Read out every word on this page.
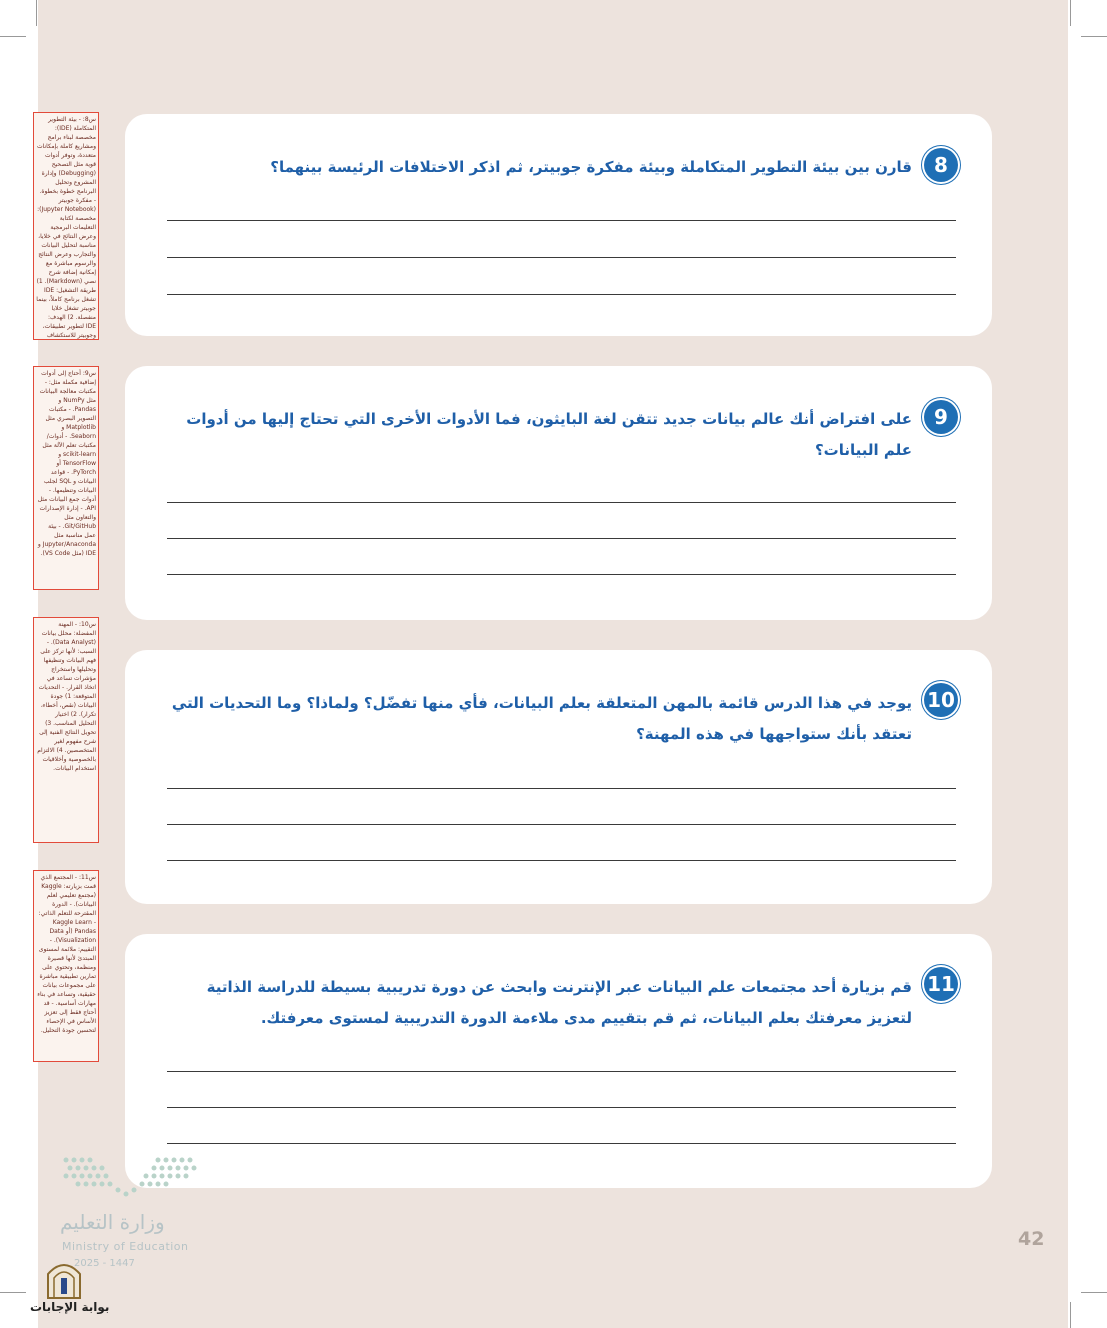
س8: - بيئة التطوير المتكاملة (IDE): مخصصة لبناء برامج ومشاريع كاملة بإمكانات متعددة، وتوفر أدوات قوية مثل التصحيح (Debugging) وإدارة المشروع وتحليل البرنامج خطوة بخطوة. - مفكرة جوبيتر (Jupyter Notebook): مخصصة لكتابة التعليمات البرمجية وعرض النتائج في خلايا، مناسبة لتحليل البيانات والتجارب وعرض النتائج والرسوم مباشرة مع إمكانية إضافة شرح نصي (Markdown). 1) طريقة التشغيل: IDE تشغل برنامج كاملاً، بينما جوبيتر تشغل خلايا منفصلة. 2) الهدف: IDE لتطوير تطبيقات، وجوبيتر للاستكشاف
س9: أحتاج إلى أدوات إضافية مكملة مثل: - مكتبات معالجة البيانات مثل NumPy و Pandas. - مكتبات التصوير البصري مثل Matplotlib و Seaborn. - أدوات/مكتبات تعلم الآلة مثل scikit-learn و TensorFlow أو PyTorch. - قواعد البيانات و SQL لجلب البيانات وتنظيمها. - أدوات جمع البيانات مثل API. - إدارة الإصدارات والتعاون مثل Git/GitHub. - بيئة عمل مناسبة مثل Jupyter/Anaconda و IDE (مثل VS Code).
س10: - المهنة المفضلة: محلل بيانات (Data Analyst). - السبب: لأنها تركز على فهم البيانات وتنظيفها وتحليلها واستخراج مؤشرات تساعد في اتخاذ القرار. - التحديات المتوقعة: 1) جودة البيانات (نقص، أخطاء، تكرار). 2) اختيار التحليل المناسب. 3) تحويل النتائج الفنية إلى شرح مفهوم لغير المتخصصين. 4) الالتزام بالخصوصية وأخلاقيات استخدام البيانات.
س11: - المجتمع الذي قمت بزيارته: Kaggle (مجتمع تعليمي لعلم البيانات). - الدورة المقترحة للتعلم الذاتي: Kaggle Learn - Pandas (أو Data Visualization). - التقييم: ملائمة لمستوى المبتدئ لأنها قصيرة ومنظمة، وتحتوي على تمارين تطبيقية مباشرة على مجموعات بيانات حقيقية، وتساعد في بناء مهارات أساسية. - قد أحتاج فقط إلى تعزيز الأساس في الإحصاء لتحسين جودة التحليل.
8
قارن بين بيئة التطوير المتكاملة وبيئة مفكرة جوبيتر، ثم اذكر الاختلافات الرئيسة بينهما؟
9
على افتراض أنك عالم بيانات جديد تتقن لغة البايثون، فما الأدوات الأخرى التي تحتاج إليها من أدوات علم البيانات؟
10
يوجد في هذا الدرس قائمة بالمهن المتعلقة بعلم البيانات، فأي منها تفضّل؟ ولماذا؟ وما التحديات التي تعتقد بأنك ستواجهها في هذه المهنة؟
11
قم بزيارة أحد مجتمعات علم البيانات عبر الإنترنت وابحث عن دورة تدريبية بسيطة للدراسة الذاتية لتعزيز معرفتك بعلم البيانات، ثم قم بتقييم مدى ملاءمة الدورة التدريبية لمستوى معرفتك.
وزارة التعليم
Ministry of Education
2025 - 1447
42
بوابة الإجابات
